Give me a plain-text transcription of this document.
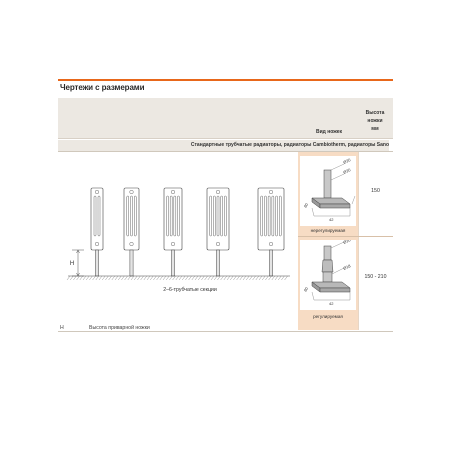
Чертежи с размерами
Вид ножек
Высота
ножки
мм
Стандартные трубчатые радиаторы, радиаторы Cambiotherm, радиаторы Sano
H
2–6-трубчатые секции
Ø20
Ø20
60
42
нерегулируемая
150
Ø20
Ø18
60
42
регулируемая
150 - 210
H	Высота приварной ножки
